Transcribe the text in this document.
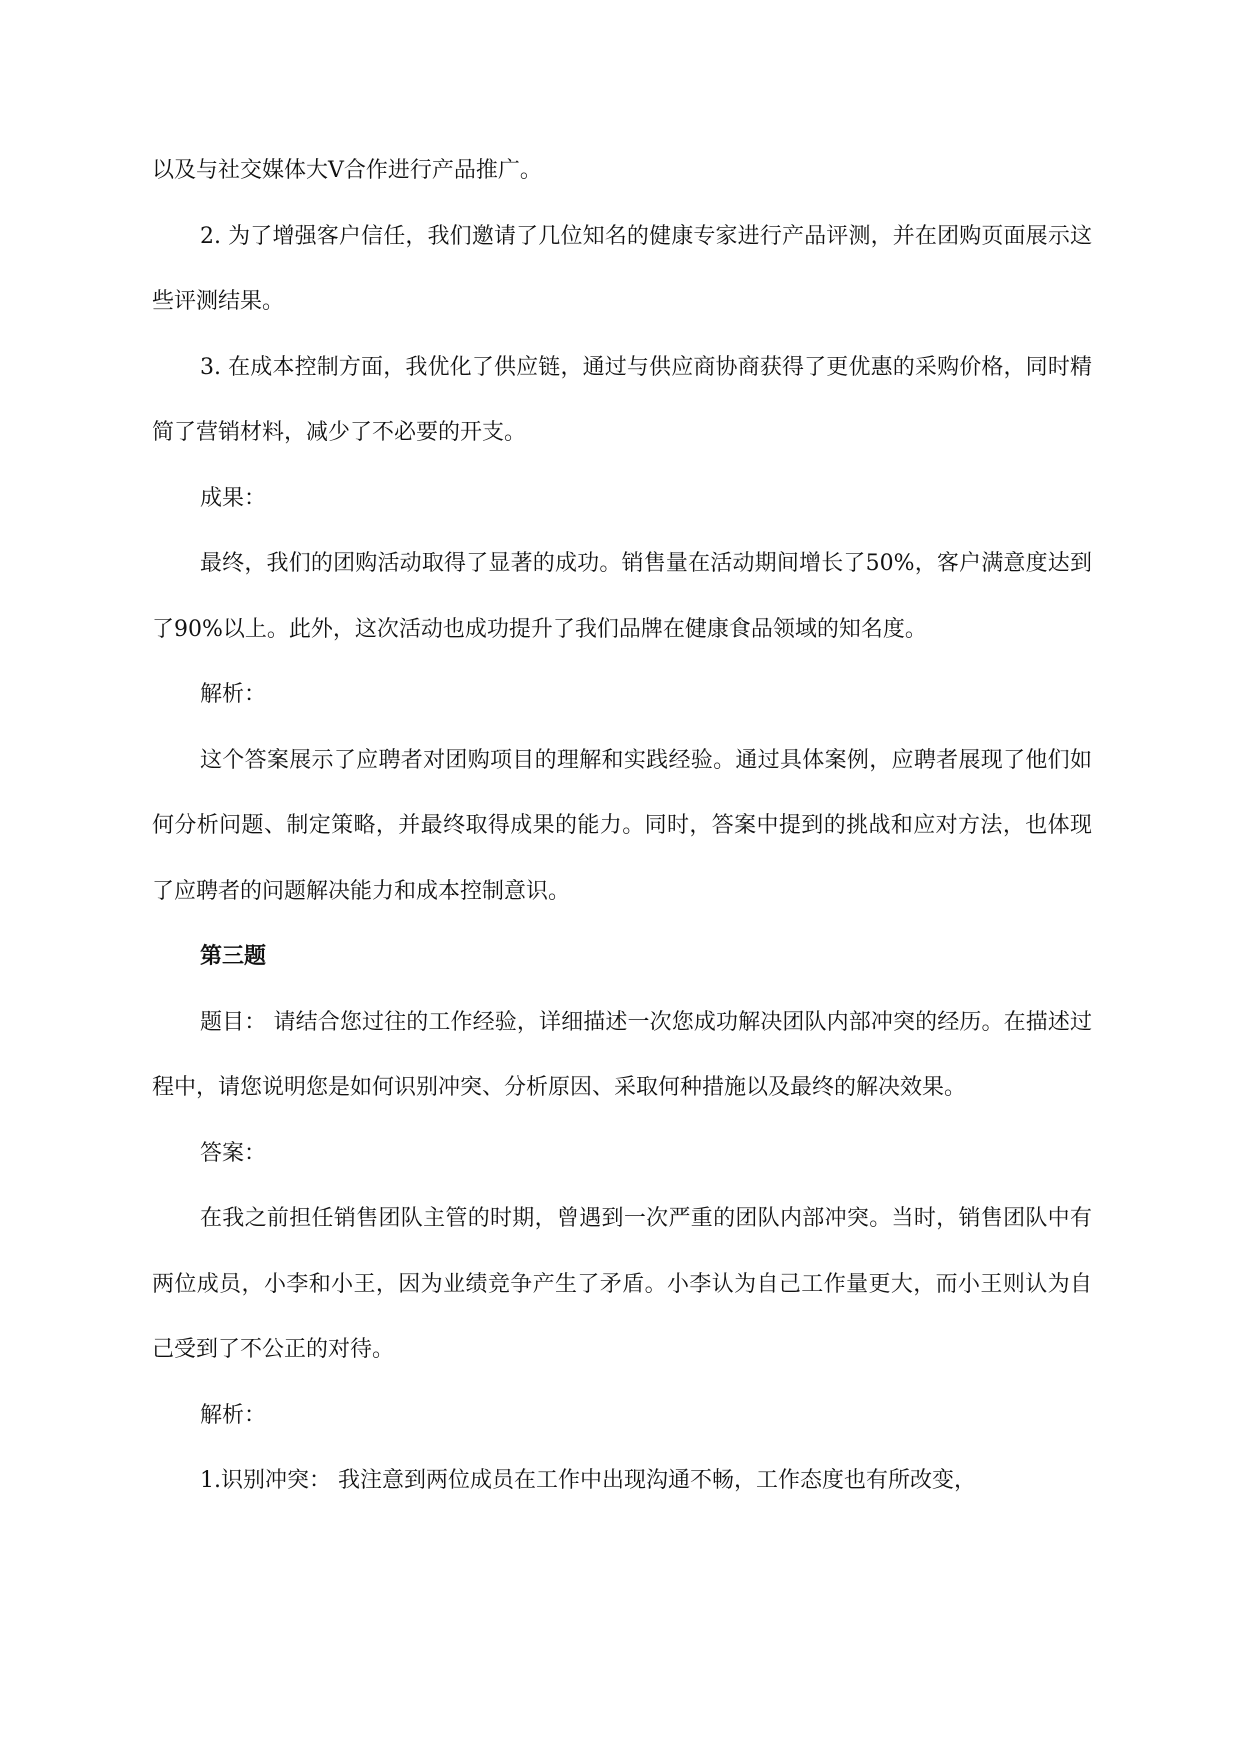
以及与社交媒体大V合作进行产品推广。

2. 为了增强客户信任，我们邀请了几位知名的健康专家进行产品评测，并在团购页面展示这些评测结果。

3. 在成本控制方面，我优化了供应链，通过与供应商协商获得了更优惠的采购价格，同时精简了营销材料，减少了不必要的开支。

成果：

最终，我们的团购活动取得了显著的成功。销售量在活动期间增长了50%，客户满意度达到了90%以上。此外，这次活动也成功提升了我们品牌在健康食品领域的知名度。

解析：

这个答案展示了应聘者对团购项目的理解和实践经验。通过具体案例，应聘者展现了他们如何分析问题、制定策略，并最终取得成果的能力。同时，答案中提到的挑战和应对方法，也体现了应聘者的问题解决能力和成本控制意识。

第三题

题目： 请结合您过往的工作经验，详细描述一次您成功解决团队内部冲突的经历。在描述过程中，请您说明您是如何识别冲突、分析原因、采取何种措施以及最终的解决效果。

答案：

在我之前担任销售团队主管的时期，曾遇到一次严重的团队内部冲突。当时，销售团队中有两位成员，小李和小王，因为业绩竞争产生了矛盾。小李认为自己工作量更大，而小王则认为自己受到了不公正的对待。

解析：

1.识别冲突： 我注意到两位成员在工作中出现沟通不畅，工作态度也有所改变，
